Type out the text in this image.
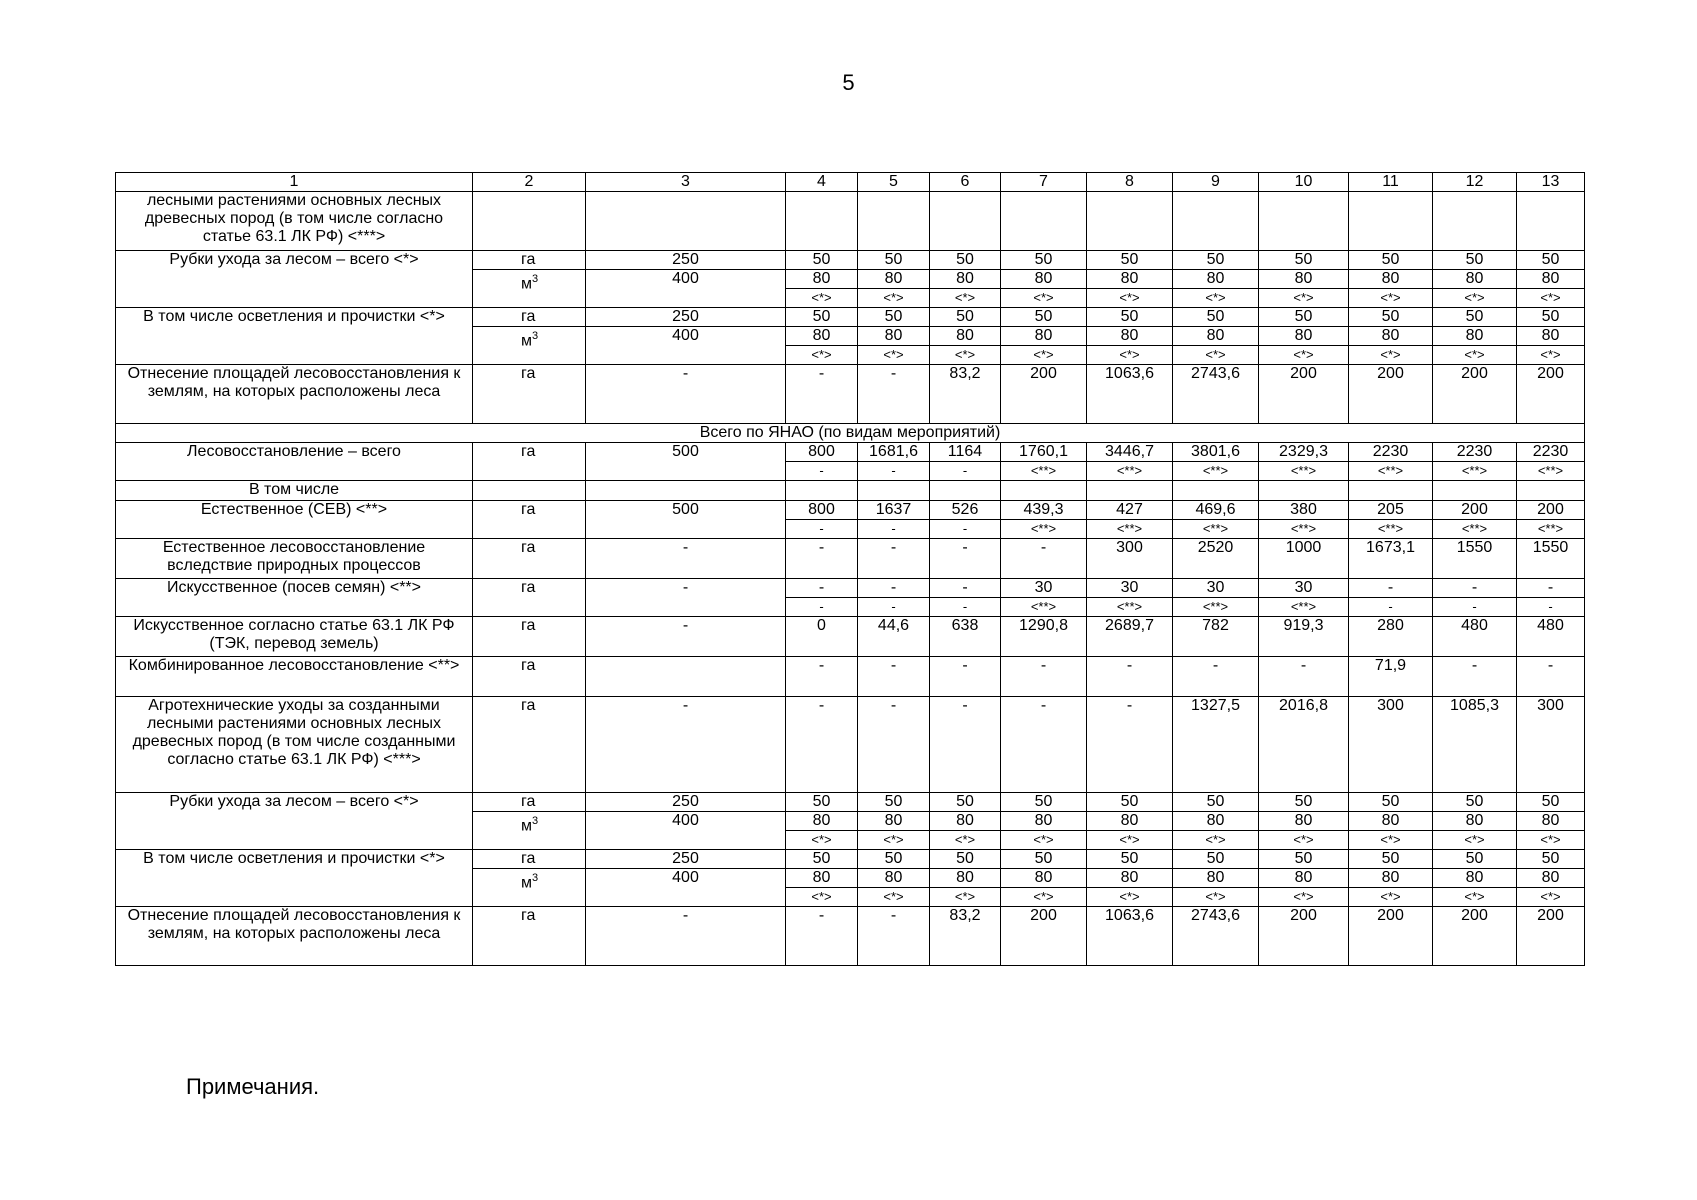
5
1	2	3	4	5	6	7	8	9	10	11	12	13
лесными растениями основных лесных древесных пород (в том числе согласно статье 63.1 ЛК РФ) <***>												
Рубки ухода за лесом – всего <*>	га	250	50	50	50	50	50	50	50	50	50	50
	$м^3$	400	80	80	80	80	80	80	80	80	80	80
			<*>	<*>	<*>	<*>	<*>	<*>	<*>	<*>	<*>	<*>
В том числе осветления и прочистки <*>	га	250	50	50	50	50	50	50	50	50	50	50
	$м^3$	400	80	80	80	80	80	80	80	80	80	80
			<*>	<*>	<*>	<*>	<*>	<*>	<*>	<*>	<*>	<*>
Отнесение площадей лесовосстановления к землям, на которых расположены леса	га	-	-	-	83,2	200	1063,6	2743,6	200	200	200	200
Всего по ЯНАО (по видам мероприятий)												
Лесовосстановление – всего	га	500	800	1681,6	1164	1760,1	3446,7	3801,6	2329,3	2230	2230	2230
			-	-	-	<**>	<**>	<**>	<**>	<**>	<**>	<**>
В том числе												
Естественное (СЕВ) <**>	га	500	800	1637	526	439,3	427	469,6	380	205	200	200
			-	-	-	<**>	<**>	<**>	<**>	<**>	<**>	<**>
Естественное лесовосстановление вследствие природных процессов	га	-	-	-	-	-	300	2520	1000	1673,1	1550	1550
Искусственное (посев семян) <**>	га	-	-	-	-	30	30	30	30	-	-	-
			-	-	-	<**>	<**>	<**>	<**>	-	-	-
Искусственное согласно статье 63.1 ЛК РФ (ТЭК, перевод земель)	га	-	0	44,6	638	1290,8	2689,7	782	919,3	280	480	480
Комбинированное лесовосстановление <**>	га		-	-	-	-	-	-	-	71,9	-	-
Агротехнические уходы за созданными лесными растениями основных лесных древесных пород (в том числе созданными согласно статье 63.1 ЛК РФ) <***>	га	-	-	-	-	-	-	1327,5	2016,8	300	1085,3	300
Рубки ухода за лесом – всего <*>	га	250	50	50	50	50	50	50	50	50	50	50
	$м^3$	400	80	80	80	80	80	80	80	80	80	80
			<*>	<*>	<*>	<*>	<*>	<*>	<*>	<*>	<*>	<*>
В том числе осветления и прочистки <*>	га	250	50	50	50	50	50	50	50	50	50	50
	$м^3$	400	80	80	80	80	80	80	80	80	80	80
			<*>	<*>	<*>	<*>	<*>	<*>	<*>	<*>	<*>	<*>
Отнесение площадей лесовосстановления к землям, на которых расположены леса	га	-	-	-	83,2	200	1063,6	2743,6	200	200	200	200
Примечания.
